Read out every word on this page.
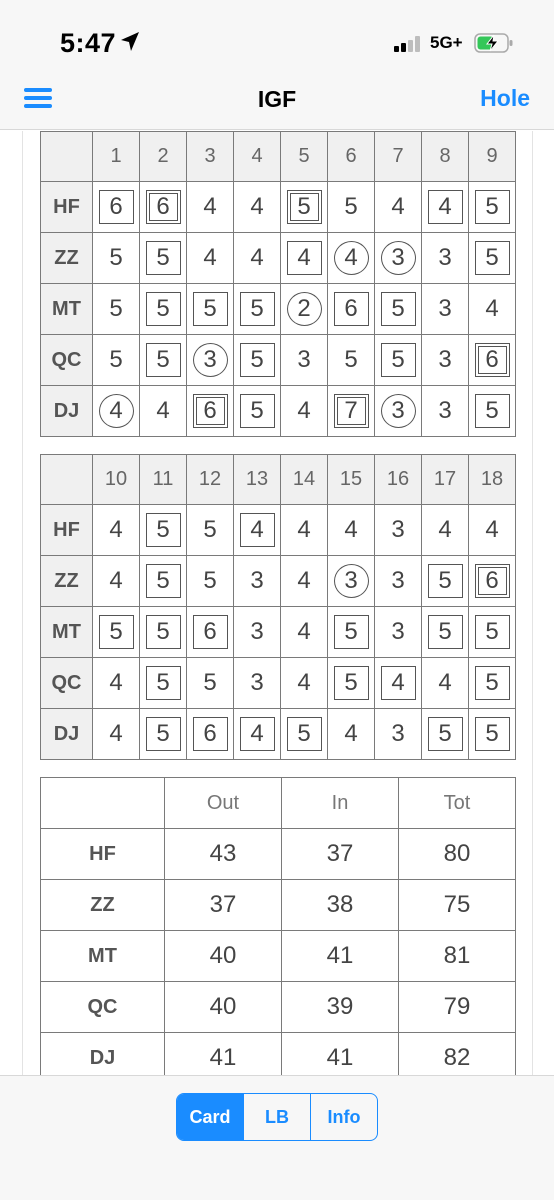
5:47	5G+
IGF	Hole
	1	2	3	4	5	6	7	8	9
HF	6	6	4	4	5	5	4	4	5
ZZ	5	5	4	4	4	4	3	3	5
MT	5	5	5	5	2	6	5	3	4
QC	5	5	3	5	3	5	5	3	6
DJ	4	4	6	5	4	7	3	3	5
	10	11	12	13	14	15	16	17	18
HF	4	5	5	4	4	4	3	4	4
ZZ	4	5	5	3	4	3	3	5	6
MT	5	5	6	3	4	5	3	5	5
QC	4	5	5	3	4	5	4	4	5
DJ	4	5	6	4	5	4	3	5	5
	Out	In	Tot
HF	43	37	80
ZZ	37	38	75
MT	40	41	81
QC	40	39	79
DJ	41	41	82
Card	LB	Info
